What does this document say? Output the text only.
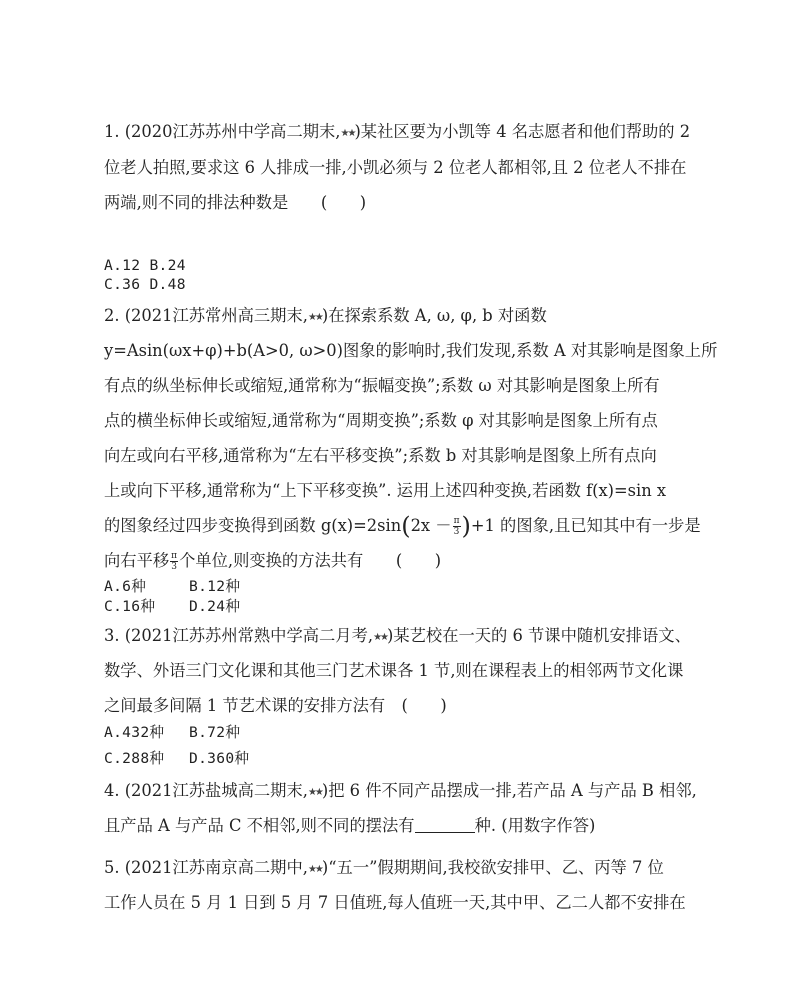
1. (2020江苏苏州中学高二期末,★★)某社区要为小凯等 4 名志愿者和他们帮助的 2
位老人拍照,要求这 6 人排成一排,小凯必须与 2 位老人都相邻,且 2 位老人不排在
两端,则不同的排法种数是　　(　　)
A.12 B.24
C.36 D.48
2. (2021江苏常州高三期末,★★)在探索系数 A, ω, φ, b 对函数
y=Asin(ωx+φ)+b(A>0, ω>0)图象的影响时,我们发现,系数 A 对其影响是图象上所
有点的纵坐标伸长或缩短,通常称为“振幅变换”;系数 ω 对其影响是图象上所有
点的横坐标伸长或缩短,通常称为“周期变换”;系数 φ 对其影响是图象上所有点
向左或向右平移,通常称为“左右平移变换”;系数 b 对其影响是图象上所有点向
上或向下平移,通常称为“上下平移变换”. 运用上述四种变换,若函数 f(x)=sin x
的图象经过四步变换得到函数 $g(x)=2\sin(2x - \frac{\pi}{3} )+1$ 的图象,且已知其中有一步是
向右平移 $\frac{\pi}{3}$ 个单位,则变换的方法共有　　(　　)
A.6种	B.12种
C.16种 D.24种
3. (2021江苏苏州常熟中学高二月考,★★)某艺校在一天的 6 节课中随机安排语文、
数学、外语三门文化课和其他三门艺术课各 1 节,则在课程表上的相邻两节文化课
之间最多间隔 1 节艺术课的安排方法有　(　　)
A.432种 B.72种
C.288种 D.360种
4. (2021江苏盐城高二期末,★★)把 6 件不同产品摆成一排,若产品 A 与产品 B 相邻,
且产品 A 与产品 C 不相邻,则不同的摆法有	种. (用数字作答)
5. (2021江苏南京高二期中,★★)“五一”假期期间,我校欲安排甲、乙、丙等 7 位
工作人员在 5 月 1 日到 5 月 7 日值班,每人值班一天,其中甲、乙二人都不安排在
